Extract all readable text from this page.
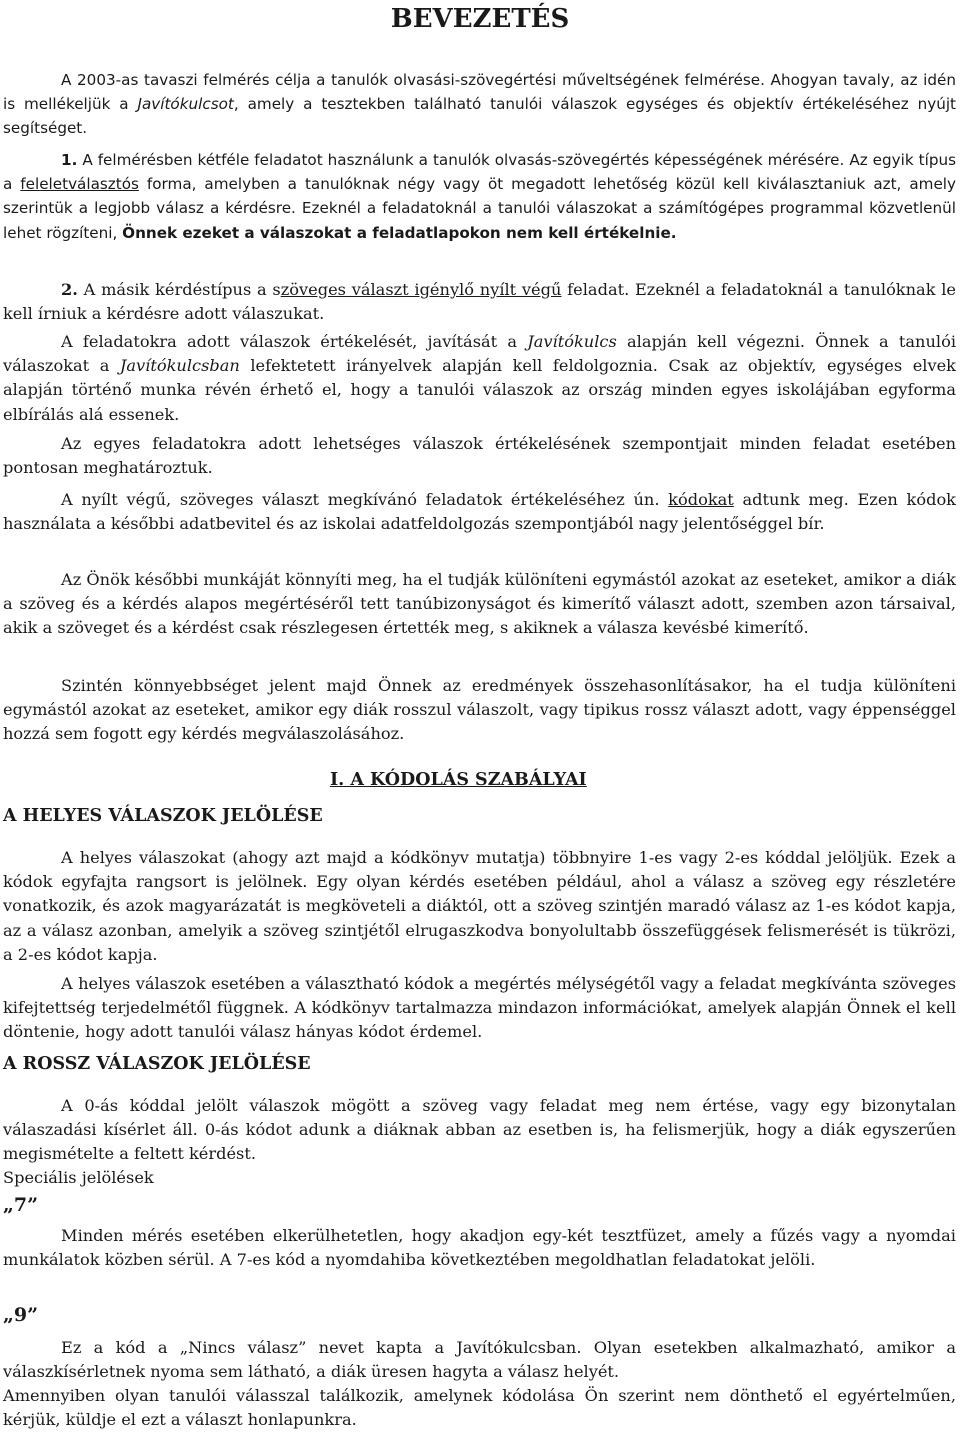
BEVEZETÉS

A 2003-as tavaszi felmérés célja a tanulók olvasási-szövegértési műveltségének felmérése. Ahogyan tavaly, az idén is mellékeljük a Javítókulcsot, amely a tesztekben található tanulói válaszok egységes és objektív értékeléséhez nyújt segítséget.

1. A felmérésben kétféle feladatot használunk a tanulók olvasás-szövegértés képességének mérésére. Az egyik típus a feleletválasztós forma, amelyben a tanulóknak négy vagy öt megadott lehetőség közül kell kiválasztaniuk azt, amely szerintük a legjobb válasz a kérdésre. Ezeknél a feladatoknál a tanulói válaszokat a számítógépes programmal közvetlenül lehet rögzíteni, Önnek ezeket a válaszokat a feladatlapokon nem kell értékelnie.

2. A másik kérdéstípus a szöveges választ igénylő nyílt végű feladat. Ezeknél a feladatoknál a tanulóknak le kell írniuk a kérdésre adott válaszukat.

A feladatokra adott válaszok értékelését, javítását a Javítókulcs alapján kell végezni. Önnek a tanulói válaszokat a Javítókulcsban lefektetett irányelvek alapján kell feldolgoznia. Csak az objektív, egységes elvek alapján történő munka révén érhető el, hogy a tanulói válaszok az ország minden egyes iskolájában egyforma elbírálás alá essenek.

Az egyes feladatokra adott lehetséges válaszok értékelésének szempontjait minden feladat esetében pontosan meghatároztuk.

A nyílt végű, szöveges választ megkívánó feladatok értékeléséhez ún. kódokat adtunk meg. Ezen kódok használata a későbbi adatbevitel és az iskolai adatfeldolgozás szempontjából nagy jelentőséggel bír.

Az Önök későbbi munkáját könnyíti meg, ha el tudják különíteni egymástól azokat az eseteket, amikor a diák a szöveg és a kérdés alapos megértéséről tett tanúbizonyságot és kimerítő választ adott, szemben azon társaival, akik a szöveget és a kérdést csak részlegesen értették meg, s akiknek a válasza kevésbé kimerítő.

Szintén könnyebbséget jelent majd Önnek az eredmények összehasonlításakor, ha el tudja különíteni egymástól azokat az eseteket, amikor egy diák rosszul válaszolt, vagy tipikus rossz választ adott, vagy éppenséggel hozzá sem fogott egy kérdés megválaszolásához.

I. A KÓDOLÁS SZABÁLYAI

A HELYES VÁLASZOK JELÖLÉSE

A helyes válaszokat (ahogy azt majd a kódkönyv mutatja) többnyire 1-es vagy 2-es kóddal jelöljük. Ezek a kódok egyfajta rangsort is jelölnek. Egy olyan kérdés esetében például, ahol a válasz a szöveg egy részletére vonatkozik, és azok magyarázatát is megköveteli a diáktól, ott a szöveg szintjén maradó válasz az 1-es kódot kapja, az a válasz azonban, amelyik a szöveg szintjétől elrugaszkodva bonyolultabb összefüggések felismerését is tükrözi, a 2-es kódot kapja.

A helyes válaszok esetében a választható kódok a megértés mélységétől vagy a feladat megkívánta szöveges kifejtettség terjedelmétől függnek. A kódkönyv tartalmazza mindazon információkat, amelyek alapján Önnek el kell döntenie, hogy adott tanulói válasz hányas kódot érdemel.

A ROSSZ VÁLASZOK JELÖLÉSE

A 0-ás kóddal jelölt válaszok mögött a szöveg vagy feladat meg nem értése, vagy egy bizonytalan válaszadási kísérlet áll. 0-ás kódot adunk a diáknak abban az esetben is, ha felismerjük, hogy a diák egyszerűen megismételte a feltett kérdést.

Speciális jelölések

„7”

Minden mérés esetében elkerülhetetlen, hogy akadjon egy-két tesztfüzet, amely a fűzés vagy a nyomdai munkálatok közben sérül. A 7-es kód a nyomdahiba következtében megoldhatlan feladatokat jelöli.

„9”

Ez a kód a „Nincs válasz” nevet kapta a Javítókulcsban. Olyan esetekben alkalmazható, amikor a válaszkísérletnek nyoma sem látható, a diák üresen hagyta a válasz helyét.

Amennyiben olyan tanulói válasszal találkozik, amelynek kódolása Ön szerint nem dönthető el egyértelműen, kérjük, küldje el ezt a választ honlapunkra.
